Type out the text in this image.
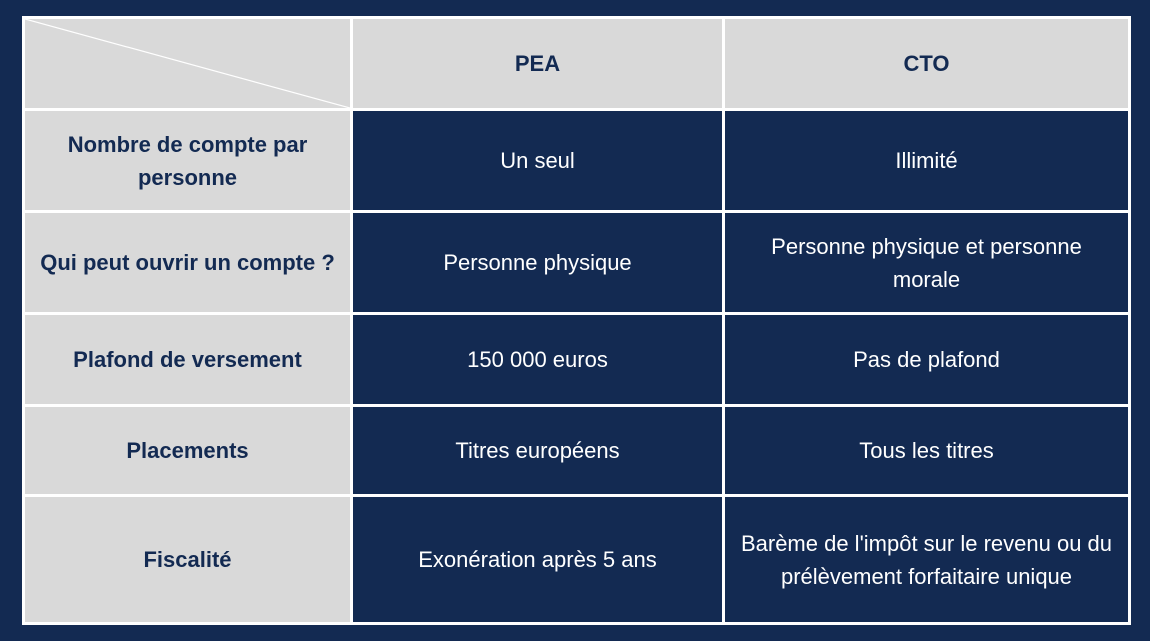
	PEA	CTO
Nombre de compte par personne	Un seul	Illimité
Qui peut ouvrir un compte ?	Personne physique	Personne physique et personne morale
Plafond de versement	150 000 euros	Pas de plafond
Placements	Titres européens	Tous les titres
Fiscalité	Exonération après 5 ans	Barème de l'impôt sur le revenu ou du prélèvement forfaitaire unique
